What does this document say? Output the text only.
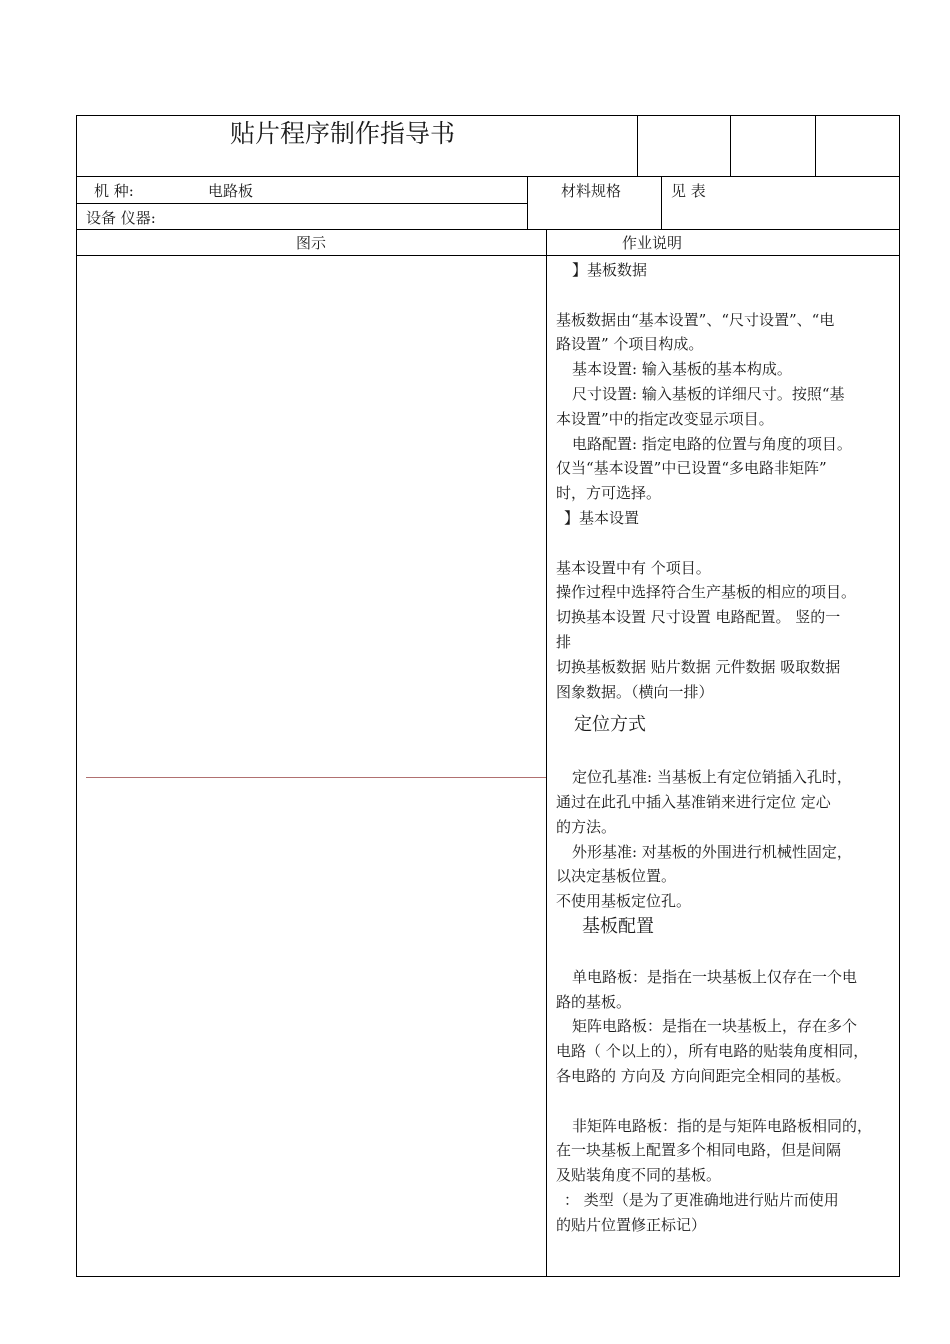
贴片程序制作指导书
机 种:	电路板	材料规格	见 表
设备 仪器:
图示	作业说明

】基板数据

基板数据由“基本设置”、“尺寸设置”、“电

路设置” 个项目构成。

基本设置: 输入基板的基本构成。

尺寸设置: 输入基板的详细尺寸。按照“基

本设置”中的指定改变显示项目。

电路配置: 指定电路的位置与角度的项目。

仅当“基本设置”中已设置“多电路非矩阵”

时，方可选择。

】基本设置

基本设置中有 个项目。

操作过程中选择符合生产基板的相应的项目。

切换基本设置 尺寸设置 电路配置。 竖的一

排

切换基板数据 贴片数据 元件数据 吸取数据

图象数据。（横向一排）

定位方式

定位孔基准: 当基板上有定位销插入孔时，

通过在此孔中插入基准销来进行定位 定心

的方法。

外形基准: 对基板的外围进行机械性固定，

以决定基板位置。

不使用基板定位孔。

基板配置

单电路板：是指在一块基板上仅存在一个电

路的基板。

矩阵电路板：是指在一块基板上，存在多个

电路（ 个以上的），所有电路的贴装角度相同，

各电路的 方向及 方向间距完全相同的基板。

非矩阵电路板：指的是与矩阵电路板相同的，

在一块基板上配置多个相同电路，但是间隔

及贴装角度不同的基板。

： 类型（是为了更准确地进行贴片而使用

的贴片位置修正标记）
